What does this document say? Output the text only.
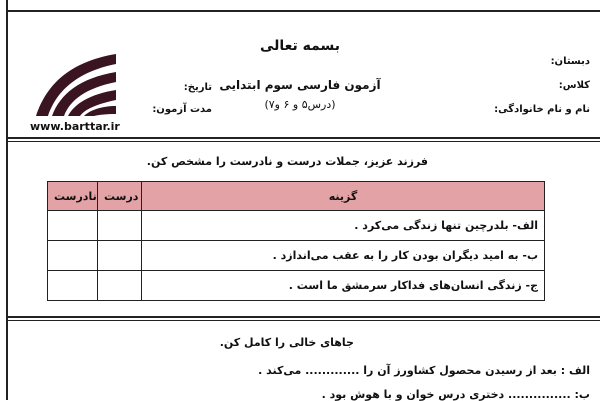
www.barttar.ir
بسمه تعالی
آزمون فارسی سوم ابتدایی
(درس۵ و ۶ و۷)
دبستان:
کلاس:
نام و نام خانوادگی:
تاریخ:
مدت آزمون:
فرزند عزیز، جملات درست و نادرست را مشخص کن.
نادرست	درست	گزینه
		الف- بلدرچین تنها زندگی می‌کرد .
		ب- به امید دیگران بودن کار را به عقب می‌اندازد .
		ج- زندگی انسان‌های فداکار سرمشق ما است .
جاهای خالی را کامل کن.
الف : بعد از رسیدن محصول کشاورز آن را ............. می‌کند .
ب: ............... دختری درس خوان و با هوش بود .
